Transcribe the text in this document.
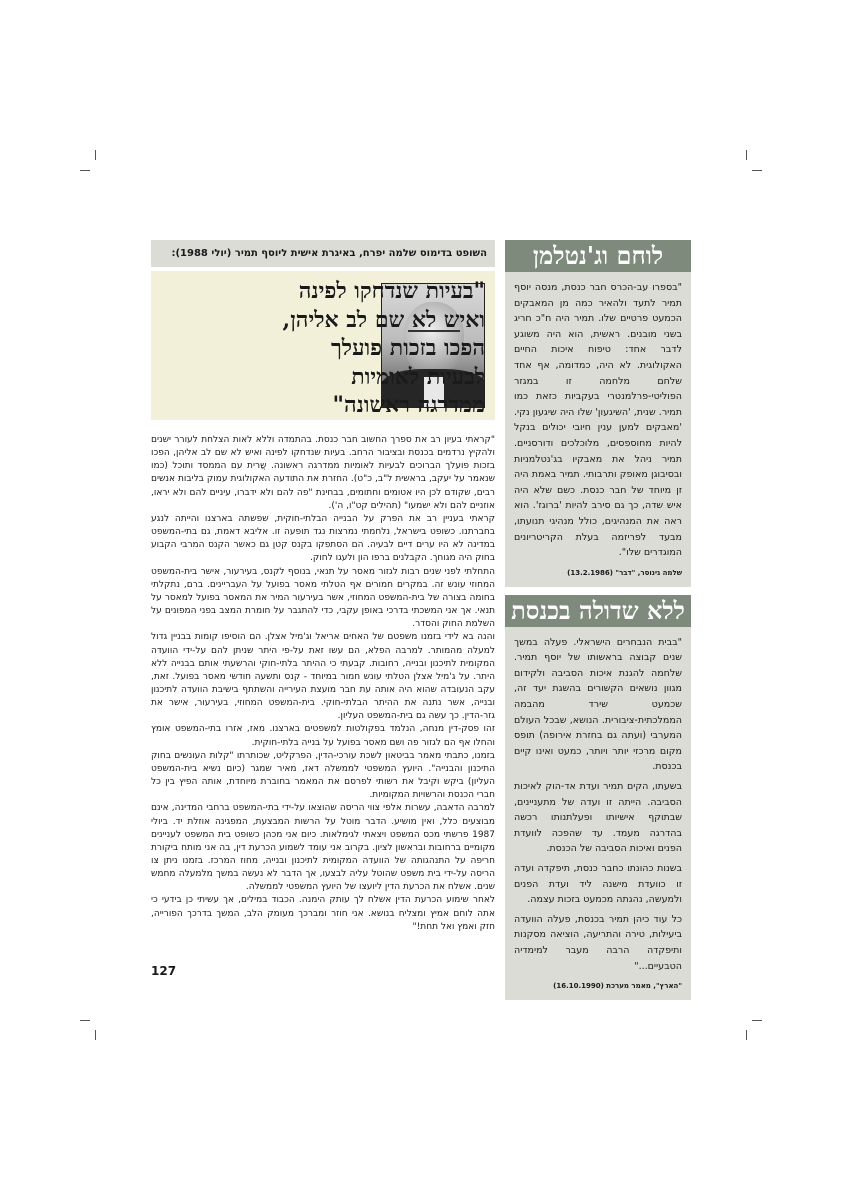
לוחם וג'נטלמן

"בספרו עב-הכרס חבר כנסת, מנסה יוסף תמיר לתעד ולהאיר כמה מן המאבקים הכמעט פרטיים שלו. תמיר היה ח"כ חריג בשני מובנים. ראשית, הוא היה משוגע לדבר אחד: טיפוח איכות החיים האקולוגית. לא היה, כמדומה, אף אחד שלחם מלחמה זו במגזר הפוליטי-פרלמנטרי בעקביות כזאת כמו תמיר. שנית, 'השיגעון' שלו היה שיגעון נקי. 'מאבקים למען ענין חיובי יכולים בנקל להיות מחוספסים, מלוכלכים ודורסניים. תמיר ניהל את מאבקיו בג'נטלמניות ובסיבוגן מאופק ותרבותי. תמיר באמת היה זן מיוחד של חבר כנסת. כשם שלא היה איש שדה, כך גם סירב להיות 'ברוגז'. הוא ראה את המנהיגים, כולל מנהיגי תנועתו, מבעד לפריזמה בעלת הקריטריונים המוגדרים שלו".

שלמה גינוסר, "דבר" (13.2.1986)

ללא שדולה בכנסת

"בבית הנבחרים הישראלי. פעלה במשך שנים קבוצה בראשותו של יוסף תמיר. שלחמה להגנת איכות הסביבה ולקידום מגוון נושאים הקשורים בהשגת יעד זה, שכמעט שירד מהבמה הממלכתית-ציבורית. הנושא, שבכל העולם המערבי (ועתה גם בחזרת אירופה) תופס מקום מרכזי יותר ויותר, כמעט ואינו קיים בכנסת.

בשעתו, הקים תמיר ועדת אד-הוק לאיכות הסביבה. הייתה זו ועדה של מתעניינים, שבתוקף אישיותו ופעלתנותו רכשה בהדרגה מעמד. עד שהפכה לוועדת הפנים ואיכות הסביבה של הכנסת.

בשנות כהונתו כחבר כנסת, תיפקדה ועדה זו כוועדת מישנה ליד ועדת הפנים ולמעשה, נהגתה מכמעט בזכות עצמה.

כל עוד כיהן תמיר בכנסת, פעלה הוועדה ביעילות, טירה והתריעה, הוציאה מסקנות ותיפקדה הרבה מעבר למימדיה הטבעיים..."

"הארץ", מאמר מערכת (16.10.1990)

השופט בדימוס שלמה יפרח, באיגרת אישית ליוסף תמיר (יולי 1988):
"בעיות שנדחקו לפינה ואיש לא שם לב אליהן, הפכו בזכות פועלך לבעיות לאומיות ממדרגה ראשונה"

"קראתי בעיון רב את ספרך החשוב חבר כנסת. בהתמדה וללא לאות הצלחת לעורר ישנים ולהקיץ נרדמים בכנסת ובציבור הרחב. בעיות שנדחקו לפינה ואיש לא שם לב אליהן, הפכו בזכות פועלך הברוכים לבעיות לאומיות ממדרגה ראשונה. שֲרית עם הממסד ותוכל (כמו שנאמר על יעקב, בראשית ל"ב, כ"ט). החזרת את התודעה האקולוגית עמוק בליבות אנשים רבים, שקודם לכן היו אטומים וחתומים, בבחינת "פה להם ולא ידברו, עיניים להם ולא יראו, אוזניים להם ולא ישמעו" (תהילים קט"ו, ה').

קראתי בעניין רב את הפרק על הבנייה הבלתי-חוקית, שפשתה בארצנו והייתה לנגע בחברתנו. כשופט בישראל, נלחמתי נמרצות נגד תופעה זו. אליבא דאמת, גם בתי-המשפט במדינה לא היו ערים דיים לבעיה. הם הסתפקו בקנס קטן גם כאשר הקנס המרבי הקבוע בחוק היה מגוחך. הקבלנים ברפו הון ולעגו לחוק.

התחלתי לפני שנים רבות לגזור מאסר על תנאי, בנוסף לקנס, בעירעור, אישר בית-המשפט המחוזי עונש זה. במקרים חמורים אף הטלתי מאסר בפועל על העבריינים. ברם, נתקלתי בחומה בצורה של בית-המשפט המחוזי, אשר בעירעור המיר את המאסר בפועל למאסר על תנאי. אך אני המשכתי בדרכי באופן עקבי, כדי להתגבר על חומרת המצב בפני המפונים על השלמת החוק והסדר.

והנה בא לידי בזמנו משפטם של האחים אריאל וג'מיל אצלן. הם הוסיפו קומות בבניין גדול למעלה מהמותר. למרבה הפלא, הם עשו זאת על-פי היתר שניתן להם על-ידי הוועדה המקומית לתיכנון ובנייה, רחובות. קבעתי כי ההיתר בלתי-חוקי והרשעתי אותם בבנייה ללא היתר. על ג'מיל אצלן הטלתי עונש חמור במיוחד - קנס ותשעה חודשי מאסר בפועל. זאת, עקב הנעובדה שהוא היה אותה עת חבר מועצת העירייה והשתתף בישיבת הוועדה לתיכנון ובנייה, אשר נתנה את ההיתר הבלתי-חוקי. בית-המשפט המחוזי, בעירעור, אישר את גזר-הדין. כך עשה גם בית-המשפט העליון.

זהו פסק-דין מנחה, הנלמד בפקולטות למשפטים בארצנו. מאז, אזרו בתי-המשפט אומץ והחלו אף הם לגזור פה ושם מאסר בפועל על בנייה בלתי-חוקית.

בזמנו, כתבתי מאמר בביטאון לשכת עורכי-הדין, הפרקליט, שכותרתו "קלות העונשים בחוק התיכנון והבנייה". היועץ המשפטי לממשלה דאז, מאיר שמגר (כיום נשיא בית-המשפט העליון) ביקש וקיבל את רשותי לפרסם את המאמר בחוברת מיוחדת, אותה הפיץ בין כל חברי הכנסת והרשויות המקומיות.

למרבה הדאבה, עשרות אלפי צווי הריסה שהוצאו על-ידי בתי-המשפט ברחבי המדינה, אינם מבוצעים כלל, ואין מושיע. הדבר מוטל על הרשות המבצעת, המפגינה אוזלת יד. ביולי 1987 פרשתי מכס המשפט ויצאתי לגימלאות. כיום אני מכהן כשופט בית המשפט לעניינים מקומיים ברחובות ובראשון לציון. בקרוב אני עומד לשמוע הכרעת דין, בה אני מותח ביקורת חריפה על התנהגותה של הוועדה המקומית לתיכנון ובנייה, מחוז המרכז. בזמנו ניתן צו הריסה על-ידי בית משפט שהוטל עליה לבצעו, אך הדבר לא נעשה במשך מלמעלה מחמש שנים. אשלח את הכרעת הדין ליועצו של היועץ המשפטי לממשלה.

לאחר שימוע הכרעת הדין אשלח לך עותק הימנה. הכבוד במילים, אך עשיתי כן בידעי כי אתה לוחם אמיץ ומצליח בנושא. אני חוזר ומברכך מעומק הלב, המשך בדרכך הפורייה, חזק ואמץ ואל תחת!"

127
